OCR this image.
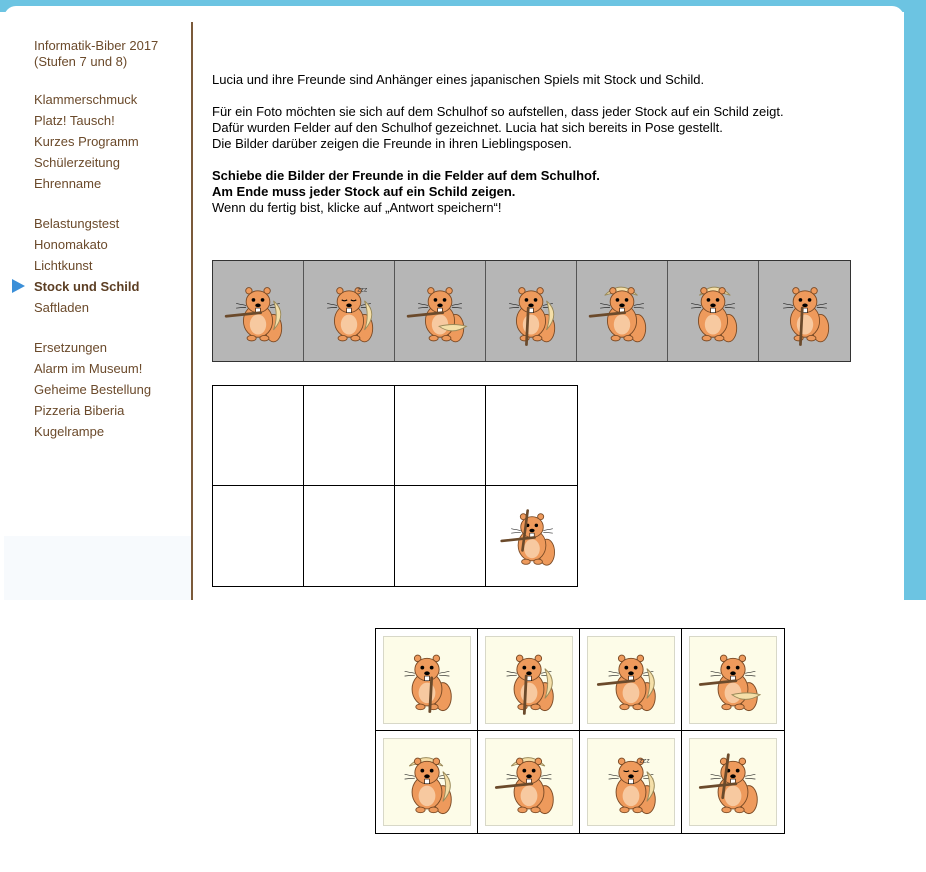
Informatik-Biber 2017
(Stufen 7 und 8)
Klammerschmuck
Platz! Tausch!
Kurzes Programm
Schülerzeitung
Ehrenname
Belastungstest
Honomakato
Lichtkunst
Stock und Schild
Saftladen
Ersetzungen
Alarm im Museum!
Geheime Bestellung
Pizzeria Biberia
Kugelrampe

Lucia und ihre Freunde sind Anhänger eines japanischen Spiels mit Stock und Schild.

Für ein Foto möchten sie sich auf dem Schulhof so aufstellen, dass jeder Stock auf ein Schild zeigt.

Dafür wurden Felder auf den Schulhof gezeichnet. Lucia hat sich bereits in Pose gestellt.

Die Bilder darüber zeigen die Freunde in ihren Lieblingsposen.

Schiebe die Bilder der Freunde in die Felder auf dem Schulhof.

Am Ende muss jeder Stock auf ein Schild zeigen.

Wenn du fertig bist, klicke auf „Antwort speichern“!

zzz
zzz
